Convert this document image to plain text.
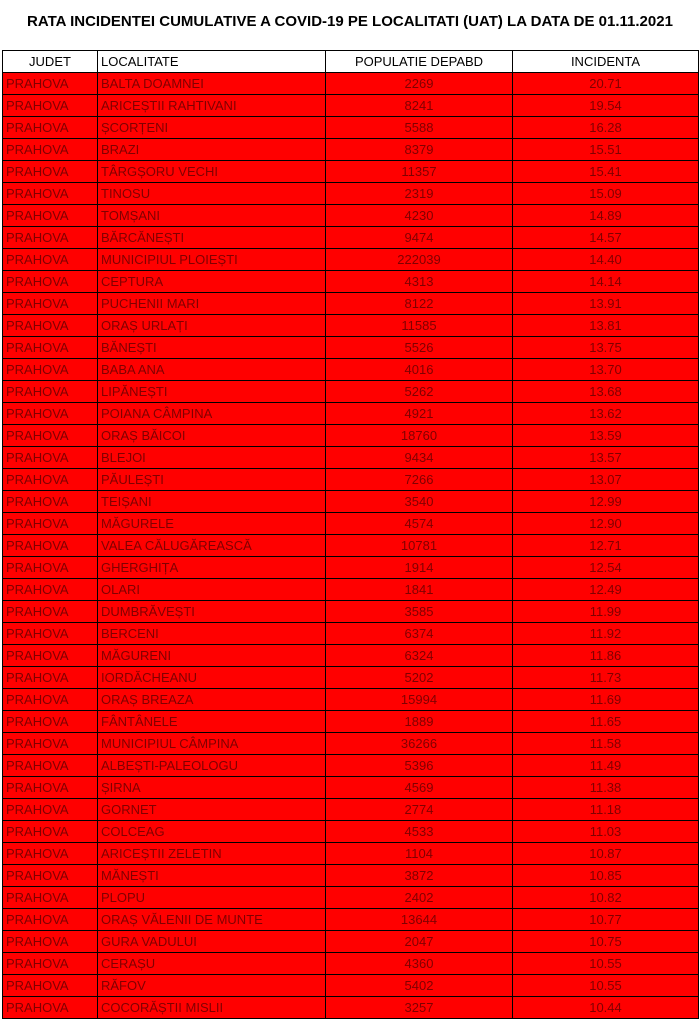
RATA INCIDENTEI CUMULATIVE A COVID-19 PE LOCALITATI (UAT) LA DATA DE 01.11.2021
JUDET	LOCALITATE	POPULATIE DEPABD	INCIDENTA
PRAHOVA	BALTA DOAMNEI	2269	20.71
PRAHOVA	ARICEȘTII RAHTIVANI	8241	19.54
PRAHOVA	ȘCORȚENI	5588	16.28
PRAHOVA	BRAZI	8379	15.51
PRAHOVA	TÂRGȘORU VECHI	11357	15.41
PRAHOVA	TINOSU	2319	15.09
PRAHOVA	TOMȘANI	4230	14.89
PRAHOVA	BĂRCĂNEȘTI	9474	14.57
PRAHOVA	MUNICIPIUL PLOIEȘTI	222039	14.40
PRAHOVA	CEPTURA	4313	14.14
PRAHOVA	PUCHENII MARI	8122	13.91
PRAHOVA	ORAȘ URLAȚI	11585	13.81
PRAHOVA	BĂNEȘTI	5526	13.75
PRAHOVA	BABA ANA	4016	13.70
PRAHOVA	LIPĂNEȘTI	5262	13.68
PRAHOVA	POIANA CÂMPINA	4921	13.62
PRAHOVA	ORAȘ BĂICOI	18760	13.59
PRAHOVA	BLEJOI	9434	13.57
PRAHOVA	PĂULEȘTI	7266	13.07
PRAHOVA	TEIȘANI	3540	12.99
PRAHOVA	MĂGURELE	4574	12.90
PRAHOVA	VALEA CĂLUGĂREASCĂ	10781	12.71
PRAHOVA	GHERGHIȚA	1914	12.54
PRAHOVA	OLARI	1841	12.49
PRAHOVA	DUMBRĂVEȘTI	3585	11.99
PRAHOVA	BERCENI	6374	11.92
PRAHOVA	MĂGURENI	6324	11.86
PRAHOVA	IORDĂCHEANU	5202	11.73
PRAHOVA	ORAȘ BREAZA	15994	11.69
PRAHOVA	FÂNTÂNELE	1889	11.65
PRAHOVA	MUNICIPIUL CÂMPINA	36266	11.58
PRAHOVA	ALBEȘTI-PALEOLOGU	5396	11.49
PRAHOVA	ȘIRNA	4569	11.38
PRAHOVA	GORNET	2774	11.18
PRAHOVA	COLCEAG	4533	11.03
PRAHOVA	ARICEȘTII ZELETIN	1104	10.87
PRAHOVA	MĂNEȘTI	3872	10.85
PRAHOVA	PLOPU	2402	10.82
PRAHOVA	ORAȘ VĂLENII DE MUNTE	13644	10.77
PRAHOVA	GURA VADULUI	2047	10.75
PRAHOVA	CERAȘU	4360	10.55
PRAHOVA	RĂFOV	5402	10.55
PRAHOVA	COCORĂȘTII MISLII	3257	10.44
